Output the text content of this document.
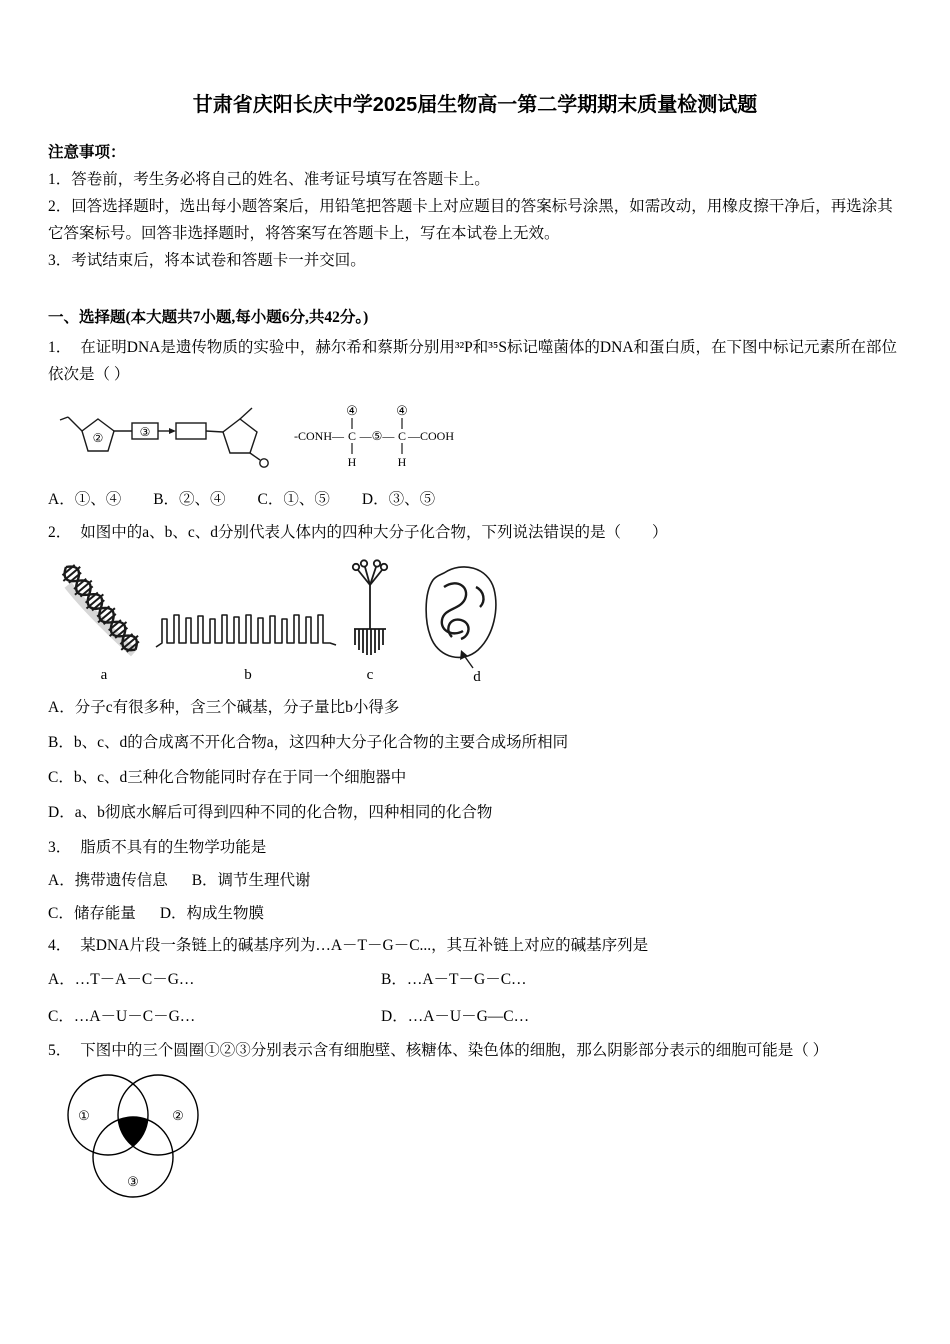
甘肃省庆阳长庆中学2025届生物高一第二学期期末质量检测试题

注意事项：

1．答卷前，考生务必将自己的姓名、准考证号填写在答题卡上。

2．回答选择题时，选出每小题答案后，用铅笔把答题卡上对应题目的答案标号涂黑，如需改动，用橡皮擦干净后，再选涂其它答案标号。回答非选择题时，将答案写在答题卡上，写在本试卷上无效。

3．考试结束后，将本试卷和答题卡一并交回。

一、选择题(本大题共7小题,每小题6分,共42分。)

1． 在证明DNA是遗传物质的实验中，赫尔希和蔡斯分别用³²P和³⁵S标记噬菌体的DNA和蛋白质，在下图中标记元素所在部位依次是（ ）

②	③
④	④
-CONH— C —⑤— C —COOH
H	H

A．①、④ B．②、④ C．①、⑤ D．③、⑤

2． 如图中的a、b、c、d分别代表人体内的四种大分子化合物，下列说法错误的是（　　）

a	b	c	d

A．分子c有很多种，含三个碱基，分子量比b小得多

B．b、c、d的合成离不开化合物a，这四种大分子化合物的主要合成场所相同

C．b、c、d三种化合物能同时存在于同一个细胞器中

D．a、b彻底水解后可得到四种不同的化合物，四种相同的化合物

3． 脂质不具有的生物学功能是

A．携带遗传信息 B．调节生理代谢

C．储存能量 D．构成生物膜

4． 某DNA片段一条链上的碱基序列为…A－T－G－C...，其互补链上对应的碱基序列是

A．…T－A－C－G…	B．…A－T－G－C…
C．…A－U－C－G…	D．…A－U－G—C…

5． 下图中的三个圆圈①②③分别表示含有细胞壁、核糖体、染色体的细胞，那么阴影部分表示的细胞可能是（ ）

①	②
③
